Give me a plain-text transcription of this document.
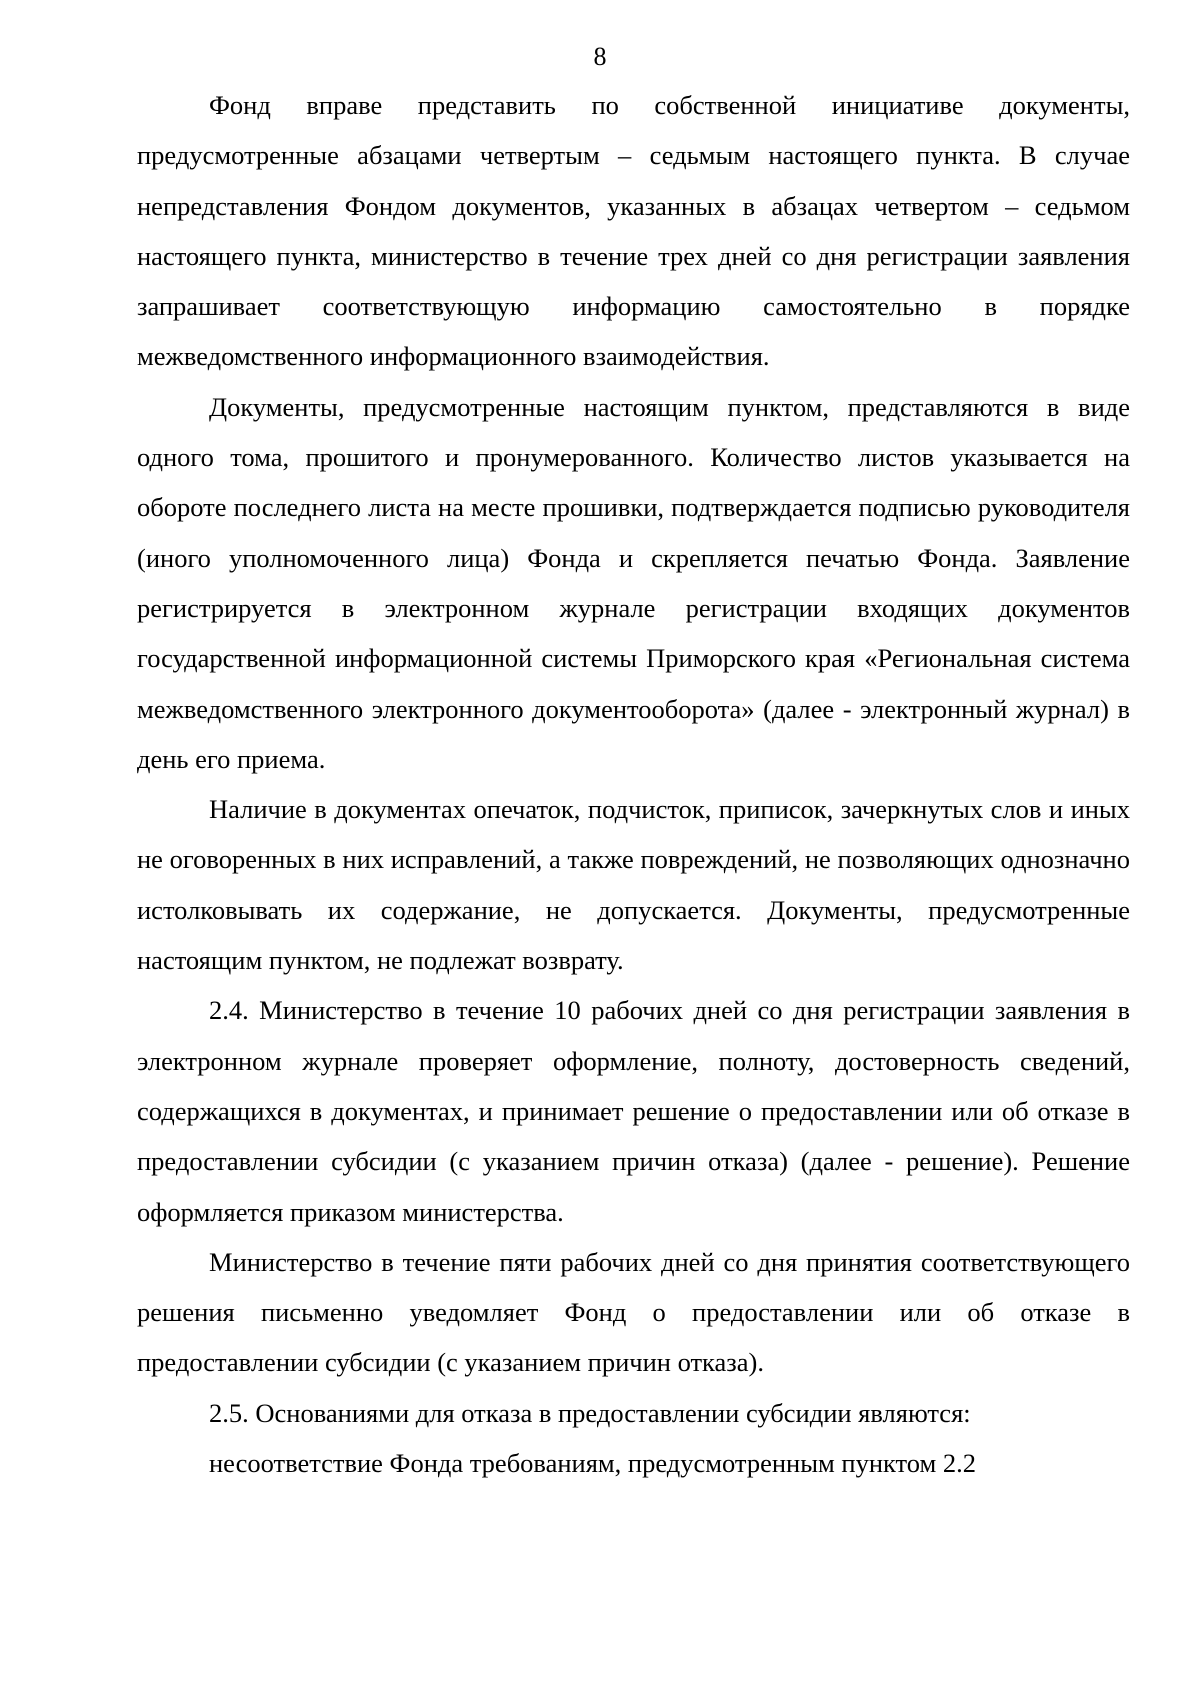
8

Фонд вправе представить по собственной инициативе документы, предусмотренные абзацами четвертым – седьмым настоящего пункта. В случае непредставления Фондом документов, указанных в абзацах четвертом – седьмом настоящего пункта, министерство в течение трех дней со дня регистрации заявления запрашивает соответствующую информацию самостоятельно в порядке межведомственного информационного взаимодействия.

Документы, предусмотренные настоящим пунктом, представляются в виде одного тома, прошитого и пронумерованного. Количество листов указывается на обороте последнего листа на месте прошивки, подтверждается подписью руководителя (иного уполномоченного лица) Фонда и скрепляется печатью Фонда. Заявление регистрируется в электронном журнале регистрации входящих документов государственной информационной системы Приморского края «Региональная система межведомственного электронного документооборота» (далее - электронный журнал) в день его приема.

Наличие в документах опечаток, подчисток, приписок, зачеркнутых слов и иных не оговоренных в них исправлений, а также повреждений, не позволяющих однозначно истолковывать их содержание, не допускается. Документы, предусмотренные настоящим пунктом, не подлежат возврату.

2.4. Министерство в течение 10 рабочих дней со дня регистрации заявления в электронном журнале проверяет оформление, полноту, достоверность сведений, содержащихся в документах, и принимает решение о предоставлении или об отказе в предоставлении субсидии (с указанием причин отказа) (далее - решение). Решение оформляется приказом министерства.

Министерство в течение пяти рабочих дней со дня принятия соответствующего решения письменно уведомляет Фонд о предоставлении или об отказе в предоставлении субсидии (с указанием причин отказа).

2.5. Основаниями для отказа в предоставлении субсидии являются:

несоответствие Фонда требованиям, предусмотренным пунктом 2.2
